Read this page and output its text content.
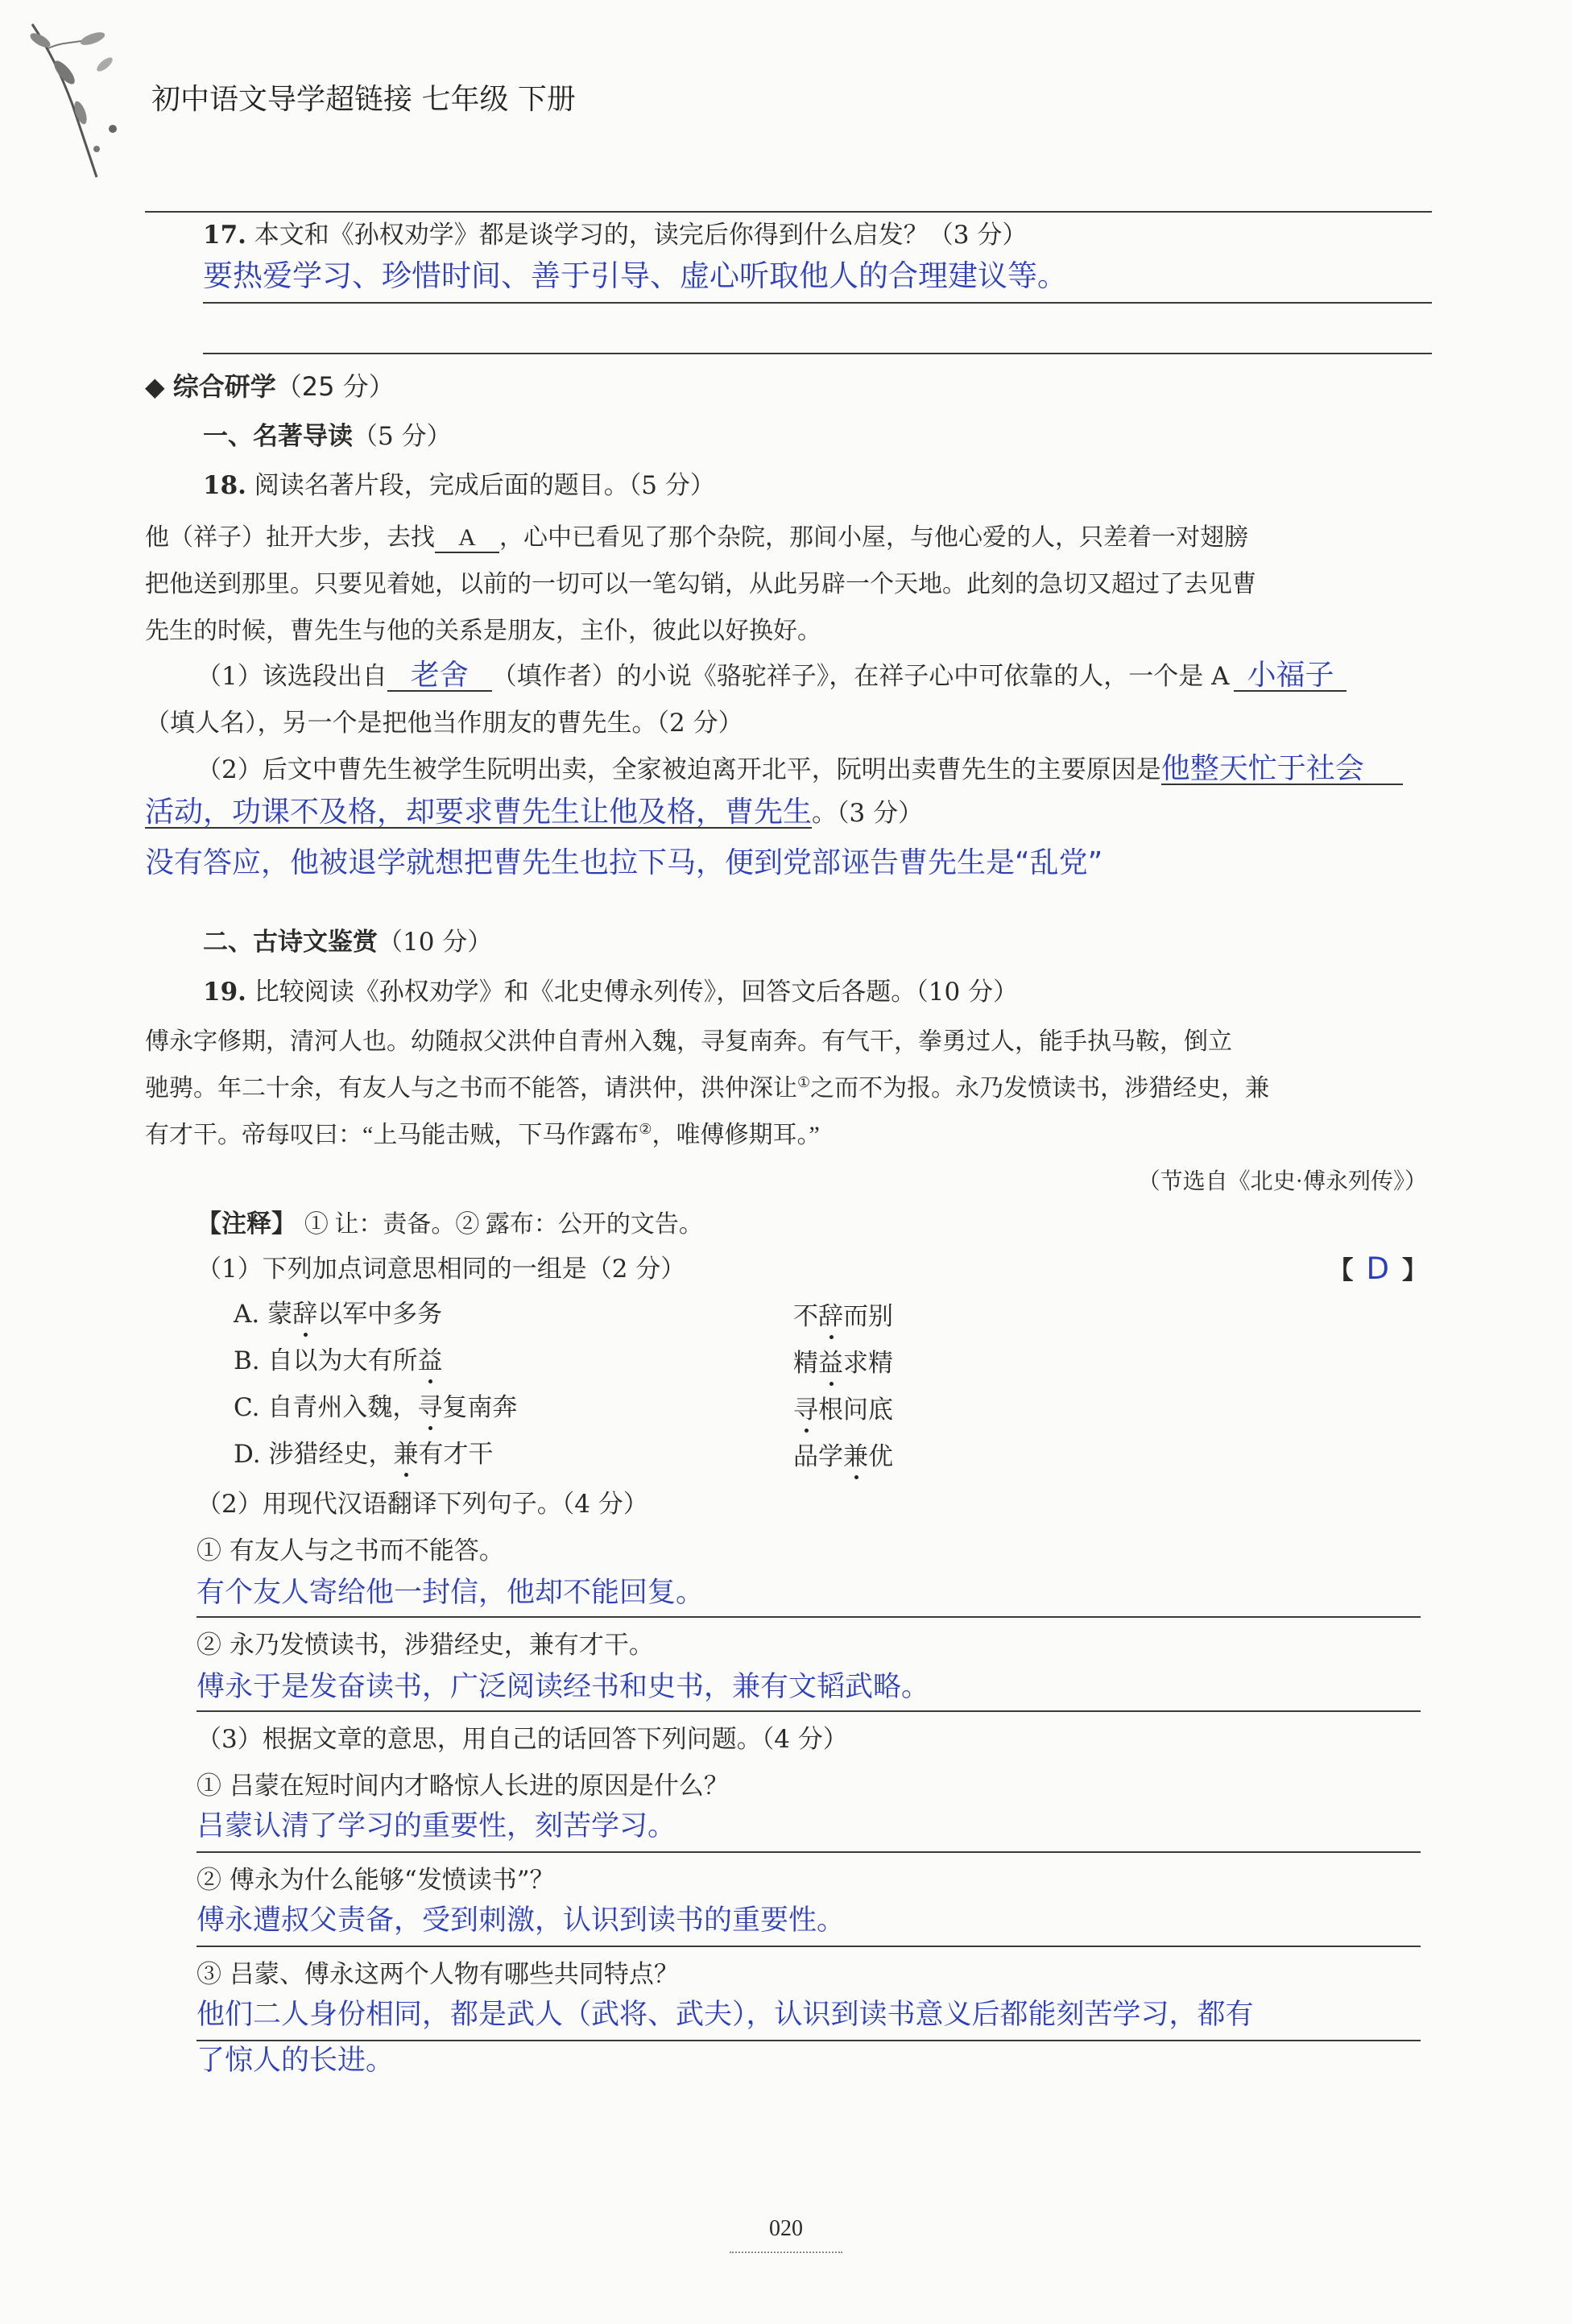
初中语文导学超链接 七年级 下册
17. 本文和《孙权劝学》都是谈学习的，读完后你得到什么启发？（3 分）
要热爱学习、珍惜时间、善于引导、虚心听取他人的合理建议等。
◆ 综合研学（25 分）
一、名著导读（5 分）
18. 阅读名著片段，完成后面的题目。（5 分）
他（祥子）扯开大步，去找 A ，心中已看见了那个杂院，那间小屋，与他心爱的人，只差着一对翅膀
把他送到那里。只要见着她，以前的一切可以一笔勾销，从此另辟一个天地。此刻的急切又超过了去见曹
先生的时候，曹先生与他的关系是朋友，主仆，彼此以好换好。
（1）该选段出自 老舍 （填作者）的小说《骆驼祥子》，在祥子心中可依靠的人，一个是 A 小福子
（填人名），另一个是把他当作朋友的曹先生。（2 分）
（2）后文中曹先生被学生阮明出卖，全家被迫离开北平，阮明出卖曹先生的主要原因是他整天忙于社会
活动，功课不及格，却要求曹先生让他及格，曹先生。（3 分）
没有答应，他被退学就想把曹先生也拉下马，便到党部诬告曹先生是“乱党”
二、古诗文鉴赏（10 分）
19. 比较阅读《孙权劝学》和《北史傅永列传》，回答文后各题。（10 分）
傅永字修期，清河人也。幼随叔父洪仲自青州入魏，寻复南奔。有气干，拳勇过人，能手执马鞍，倒立
驰骋。年二十余，有友人与之书而不能答，请洪仲，洪仲深让①之而不为报。永乃发愤读书，涉猎经史，兼
有才干。帝每叹曰：“上马能击贼，下马作露布②，唯傅修期耳。”
（节选自《北史·傅永列传》）
【注释】 ① 让：责备。② 露布：公开的文告。
（1）下列加点词意思相同的一组是（2 分）	【 D 】
A. 蒙辞以军中多务	不辞而别
B. 自以为大有所益	精益求精
C. 自青州入魏，寻复南奔	寻根问底
D. 涉猎经史，兼有才干	品学兼优
（2）用现代汉语翻译下列句子。（4 分）
① 有友人与之书而不能答。
有个友人寄给他一封信，他却不能回复。
② 永乃发愤读书，涉猎经史，兼有才干。
傅永于是发奋读书，广泛阅读经书和史书，兼有文韬武略。
（3）根据文章的意思，用自己的话回答下列问题。（4 分）
① 吕蒙在短时间内才略惊人长进的原因是什么？
吕蒙认清了学习的重要性，刻苦学习。
② 傅永为什么能够“发愤读书”？
傅永遭叔父责备，受到刺激，认识到读书的重要性。
③ 吕蒙、傅永这两个人物有哪些共同特点？
他们二人身份相同，都是武人（武将、武夫），认识到读书意义后都能刻苦学习，都有
了惊人的长进。
020
